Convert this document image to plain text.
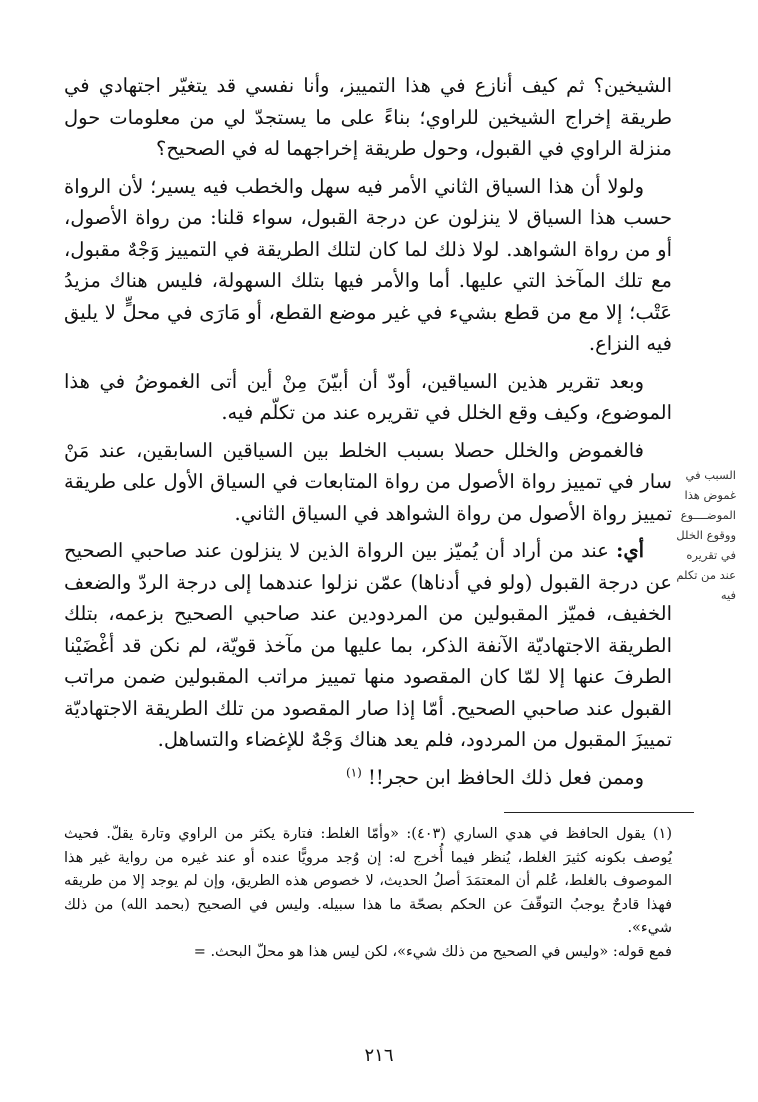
الشيخين؟ ثم كيف أنازع في هذا التمييز، وأنا نفسي قد يتغيّر اجتهادي في طريقة إخراج الشيخين للراوي؛ بناءً على ما يستجدّ لي من معلومات حول منزلة الراوي في القبول، وحول طريقة إخراجهما له في الصحيح؟

ولولا أن هذا السياق الثاني الأمر فيه سهل والخطب فيه يسير؛ لأن الرواة حسب هذا السياق لا ينزلون عن درجة القبول، سواء قلنا: من رواة الأصول، أو من رواة الشواهد. لولا ذلك لما كان لتلك الطريقة في التمييز وَجْهٌ مقبول، مع تلك المآخذ التي عليها. أما والأمر فيها بتلك السهولة، فليس هناك مزيدُ عَتْب؛ إلا مع من قطع بشيء في غير موضع القطع، أو مَارَى في محلٍّ لا يليق فيه النزاع.

وبعد تقرير هذين السياقين، أودّ أن أبيّنَ مِنْ أين أتى الغموضُ في هذا الموضوع، وكيف وقع الخلل في تقريره عند من تكلّم فيه.

فالغموض والخلل حصلا بسبب الخلط بين السياقين السابقين، عند مَنْ سار في تمييز رواة الأصول من رواة المتابعات في السياق الأول على طريقة تمييز رواة الأصول من رواة الشواهد في السياق الثاني.

أي: عند من أراد أن يُميّز بين الرواة الذين لا ينزلون عند صاحبي الصحيح عن درجة القبول (ولو في أدناها) عمّن نزلوا عندهما إلى درجة الردّ والضعف الخفيف، فميّز المقبولين من المردودين عند صاحبي الصحيح بزعمه، بتلك الطريقة الاجتهاديّة الآنفة الذكر، بما عليها من مآخذ قويّة، لم نكن قد أغْضَيْنا الطرفَ عنها إلا لمّا كان المقصود منها تمييز مراتب المقبولين ضمن مراتب القبول عند صاحبي الصحيح. أمّا إذا صار المقصود من تلك الطريقة الاجتهاديّة تمييزَ المقبول من المردود، فلم يعد هناك وَجْهٌ للإغضاء والتساهل.

وممن فعل ذلك الحافظ ابن حجر!! $^{(١)}$

السبب في غموض هذا الموضــــوع ووقوع الخلل في تقريره عند من تكلم فيه

(١) يقول الحافظ في هدي الساري (٤٠٣): «وأمّا الغلط: فتارة يكثر من الراوي وتارة يقلّ. فحيث يُوصف بكونه كثيرَ الغلط، يُنظر فيما أُخرج له: إن وُجد مرويًّا عنده أو عند غيره من رواية غير هذا الموصوف بالغلط، عُلم أن المعتمَدَ أصلُ الحديث، لا خصوص هذه الطريق، وإن لم يوجد إلا من طريقه فهذا قادحٌ يوجبُ التوقّفَ عن الحكم بصحّة ما هذا سبيله. وليس في الصحيح (بحمد الله) من ذلك شيء».

فمع قوله: «وليس في الصحيح من ذلك شيء»، لكن ليس هذا هو محلّ البحث. =

٢١٦
